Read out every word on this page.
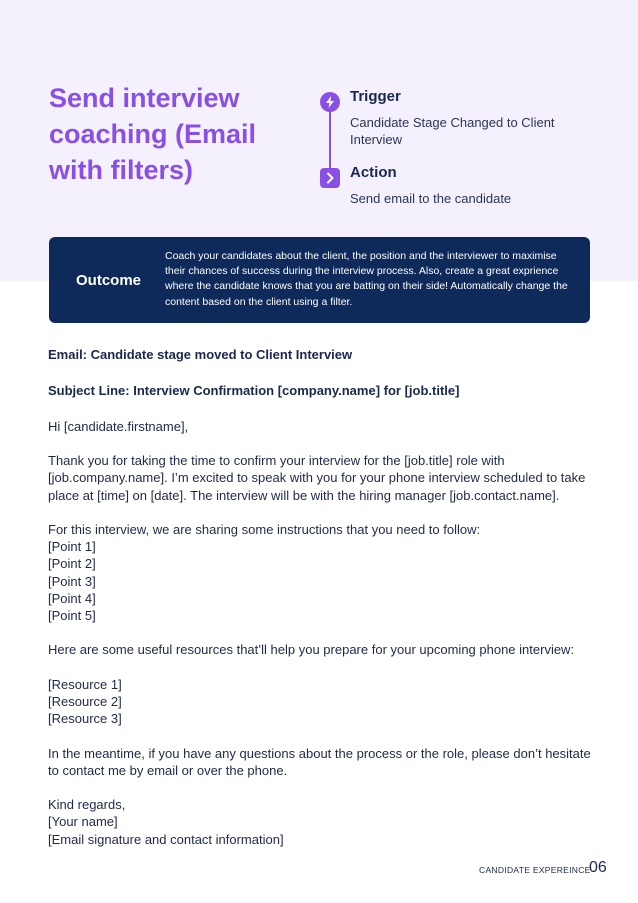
Send interview coaching (Email with filters)
Trigger
Candidate Stage Changed to Client Interview
Action
Send email to the candidate
Outcome
Coach your candidates about the client, the position and the interviewer to maximise their chances of success during the interview process. Also, create a great exprience where the candidate knows that you are batting on their side! Automatically change the content based on the client using a filter.

Email: Candidate stage moved to Client Interview

Subject Line: Interview Confirmation [company.name] for [job.title]

Hi [candidate.firstname],

Thank you for taking the time to confirm your interview for the [job.title] role with [job.company.name]. I’m excited to speak with you for your phone interview scheduled to take place at [time] on [date]. The interview will be with the hiring manager [job.contact.name].

For this interview, we are sharing some instructions that you need to follow:

[Point 1]

[Point 2]

[Point 3]

[Point 4]

[Point 5]

Here are some useful resources that’ll help you prepare for your upcoming phone interview:

[Resource 1]

[Resource 2]

[Resource 3]

In the meantime, if you have any questions about the process or the role, please don’t hesitate to contact me by email or over the phone.

Kind regards,

[Your name]

[Email signature and contact information]

CANDIDATE EXPEREINCE
06
